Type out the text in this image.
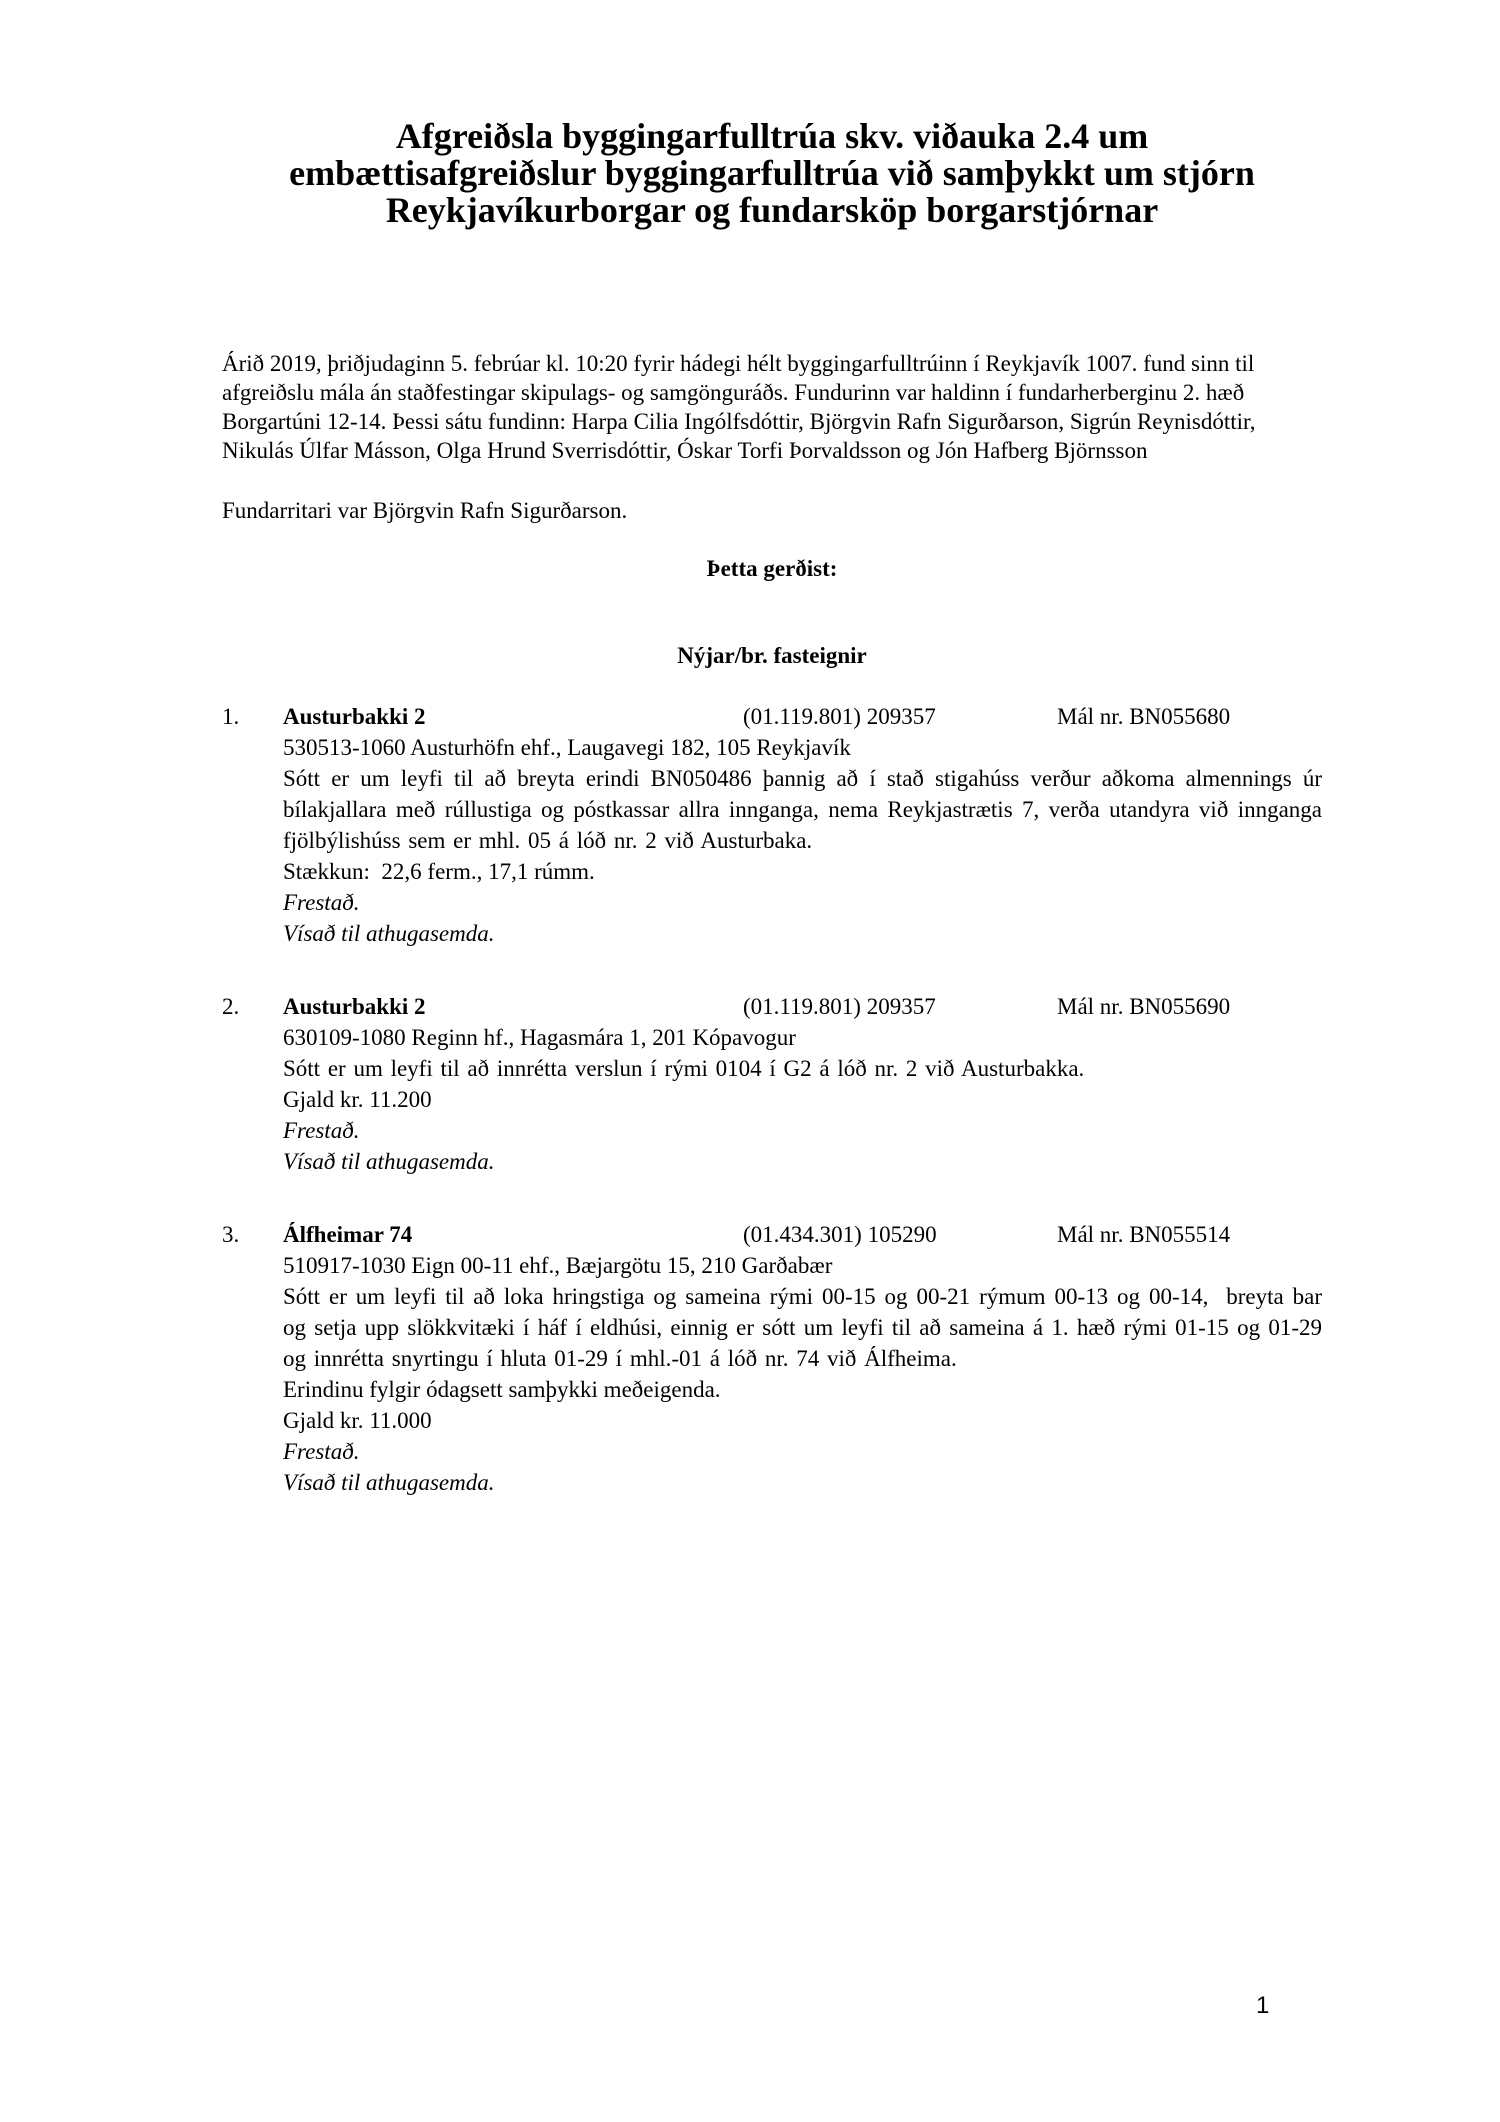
Afgreiðsla byggingarfulltrúa skv. viðauka 2.4 um embættisafgreiðslur byggingarfulltrúa við samþykkt um stjórn Reykjavíkurborgar og fundarsköp borgarstjórnar

Árið 2019, þriðjudaginn 5. febrúar kl. 10:20 fyrir hádegi hélt byggingarfulltrúinn í Reykjavík 1007. fund sinn til afgreiðslu mála án staðfestingar skipulags- og samgönguráðs. Fundurinn var haldinn í fundarherberginu 2. hæð Borgartúni 12-14. Þessi sátu fundinn: Harpa Cilia Ingólfsdóttir, Björgvin Rafn Sigurðarson, Sigrún Reynisdóttir, Nikulás Úlfar Másson, Olga Hrund Sverrisdóttir, Óskar Torfi Þorvaldsson og Jón Hafberg Björnsson

Fundarritari var Björgvin Rafn Sigurðarson.

Þetta gerðist:

Nýjar/br. fasteignir

1. Austurbakki 2	(01.119.801) 209357	Mál nr. BN055680
530513-1060 Austurhöfn ehf., Laugavegi 182, 105 Reykjavík
Sótt er um leyfi til að breyta erindi BN050486 þannig að í stað stigahúss verður aðkoma almennings úr bílakjallara með rúllustiga og póstkassar allra innganga, nema Reykjastrætis 7, verða utandyra við innganga fjölbýlishúss sem er mhl. 05 á lóð nr. 2 við Austurbaka.
Stækkun:  22,6 ferm., 17,1 rúmm.
Frestað.
Vísað til athugasemda.
2. Austurbakki 2	(01.119.801) 209357	Mál nr. BN055690
630109-1080 Reginn hf., Hagasmára 1, 201 Kópavogur
Sótt er um leyfi til að innrétta verslun í rými 0104 í G2 á lóð nr. 2 við Austurbakka.
Gjald kr. 11.200
Frestað.
Vísað til athugasemda.
3. Álfheimar 74	(01.434.301) 105290	Mál nr. BN055514
510917-1030 Eign 00-11 ehf., Bæjargötu 15, 210 Garðabær
Sótt er um leyfi til að loka hringstiga og sameina rými 00-15 og 00-21 rýmum 00-13 og 00-14,  breyta bar og setja upp slökkvitæki í háf í eldhúsi, einnig er sótt um leyfi til að sameina á 1. hæð rými 01-15 og 01-29 og innrétta snyrtingu í hluta 01-29 í mhl.-01 á lóð nr. 74 við Álfheima.
Erindinu fylgir ódagsett samþykki meðeigenda.
Gjald kr. 11.000
Frestað.
Vísað til athugasemda.
1
